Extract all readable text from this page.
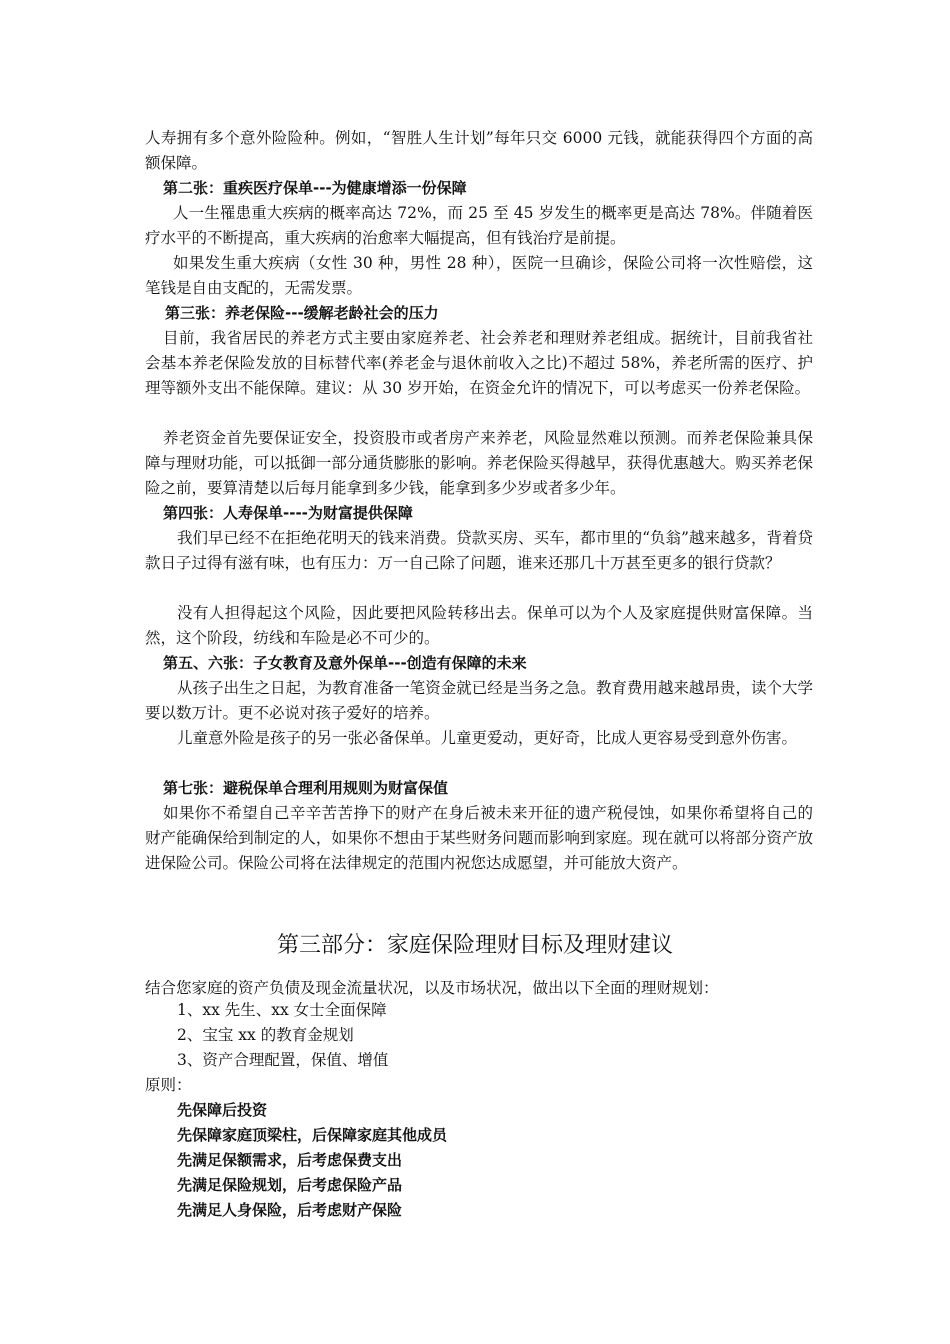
人寿拥有多个意外险险种。例如，“智胜人生计划”每年只交 6000 元钱，就能获得四个方面的高额保障。

第二张：重疾医疗保单---为健康增添一份保障

人一生罹患重大疾病的概率高达 72%，而 25 至 45 岁发生的概率更是高达 78%。伴随着医疗水平的不断提高，重大疾病的治愈率大幅提高，但有钱治疗是前提。

如果发生重大疾病（女性 30 种，男性 28 种），医院一旦确诊，保险公司将一次性赔偿，这笔钱是自由支配的，无需发票。

第三张：养老保险---缓解老龄社会的压力

目前，我省居民的养老方式主要由家庭养老、社会养老和理财养老组成。据统计，目前我省社会基本养老保险发放的目标替代率(养老金与退休前收入之比)不超过 58%，养老所需的医疗、护理等额外支出不能保障。建议：从 30 岁开始，在资金允许的情况下，可以考虑买一份养老保险。

养老资金首先要保证安全，投资股市或者房产来养老，风险显然难以预测。而养老保险兼具保障与理财功能，可以抵御一部分通货膨胀的影响。养老保险买得越早，获得优惠越大。购买养老保险之前，要算清楚以后每月能拿到多少钱，能拿到多少岁或者多少年。

第四张：人寿保单----为财富提供保障

我们早已经不在拒绝花明天的钱来消费。贷款买房、买车，都市里的“负翁”越来越多，背着贷款日子过得有滋有味，也有压力：万一自己除了问题，谁来还那几十万甚至更多的银行贷款？

没有人担得起这个风险，因此要把风险转移出去。保单可以为个人及家庭提供财富保障。当然，这个阶段，纺线和车险是必不可少的。

第五、六张：子女教育及意外保单---创造有保障的未来

从孩子出生之日起，为教育准备一笔资金就已经是当务之急。教育费用越来越昂贵，读个大学要以数万计。更不必说对孩子爱好的培养。

儿童意外险是孩子的另一张必备保单。儿童更爱动，更好奇，比成人更容易受到意外伤害。

第七张：避税保单合理利用规则为财富保值

如果你不希望自己辛辛苦苦挣下的财产在身后被未来开征的遗产税侵蚀，如果你希望将自己的财产能确保给到制定的人，如果你不想由于某些财务问题而影响到家庭。现在就可以将部分资产放进保险公司。保险公司将在法律规定的范围内祝您达成愿望，并可能放大资产。

第三部分：家庭保险理财目标及理财建议

结合您家庭的资产负债及现金流量状况，以及市场状况，做出以下全面的理财规划：

1、xx 先生、xx 女士全面保障

2、宝宝 xx 的教育金规划

3、资产合理配置，保值、增值

原则：

先保障后投资

先保障家庭顶梁柱，后保障家庭其他成员

先满足保额需求，后考虑保费支出

先满足保险规划，后考虑保险产品

先满足人身保险，后考虑财产保险
